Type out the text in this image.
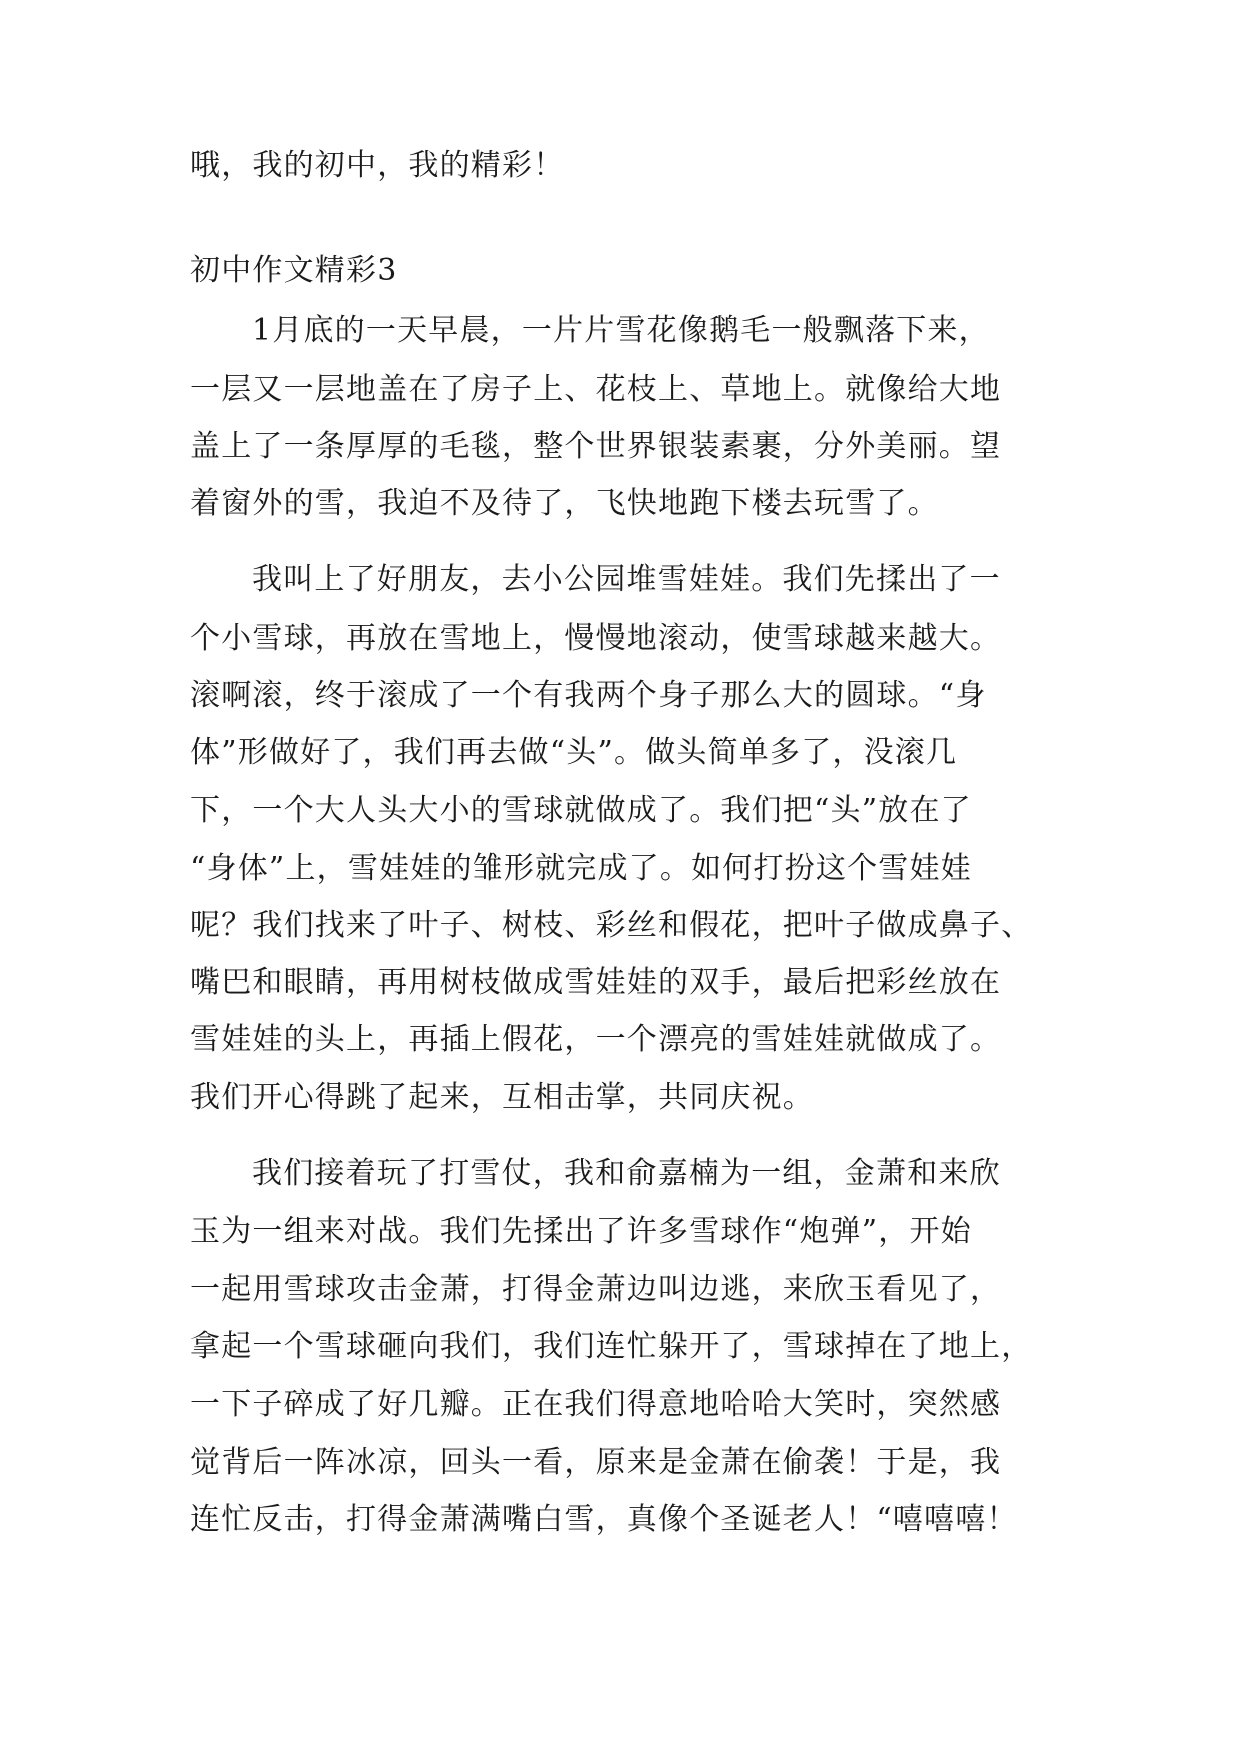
哦，我的初中，我的精彩！
初中作文精彩3
1月底的一天早晨，一片片雪花像鹅毛一般飘落下来，
一层又一层地盖在了房子上、花枝上、草地上。就像给大地
盖上了一条厚厚的毛毯，整个世界银装素裹，分外美丽。望
着窗外的雪，我迫不及待了，飞快地跑下楼去玩雪了。
我叫上了好朋友，去小公园堆雪娃娃。我们先揉出了一
个小雪球，再放在雪地上，慢慢地滚动，使雪球越来越大。
滚啊滚，终于滚成了一个有我两个身子那么大的圆球。“身
体”形做好了，我们再去做“头”。做头简单多了，没滚几
下，一个大人头大小的雪球就做成了。我们把“头”放在了
“身体”上，雪娃娃的雏形就完成了。如何打扮这个雪娃娃
呢？我们找来了叶子、树枝、彩丝和假花，把叶子做成鼻子、
嘴巴和眼睛，再用树枝做成雪娃娃的双手，最后把彩丝放在
雪娃娃的头上，再插上假花，一个漂亮的雪娃娃就做成了。
我们开心得跳了起来，互相击掌，共同庆祝。
我们接着玩了打雪仗，我和俞嘉楠为一组，金萧和来欣
玉为一组来对战。我们先揉出了许多雪球作“炮弹”，开始
一起用雪球攻击金萧，打得金萧边叫边逃，来欣玉看见了，
拿起一个雪球砸向我们，我们连忙躲开了，雪球掉在了地上，
一下子碎成了好几瓣。正在我们得意地哈哈大笑时，突然感
觉背后一阵冰凉，回头一看，原来是金萧在偷袭！于是，我
连忙反击，打得金萧满嘴白雪，真像个圣诞老人！“嘻嘻嘻！
